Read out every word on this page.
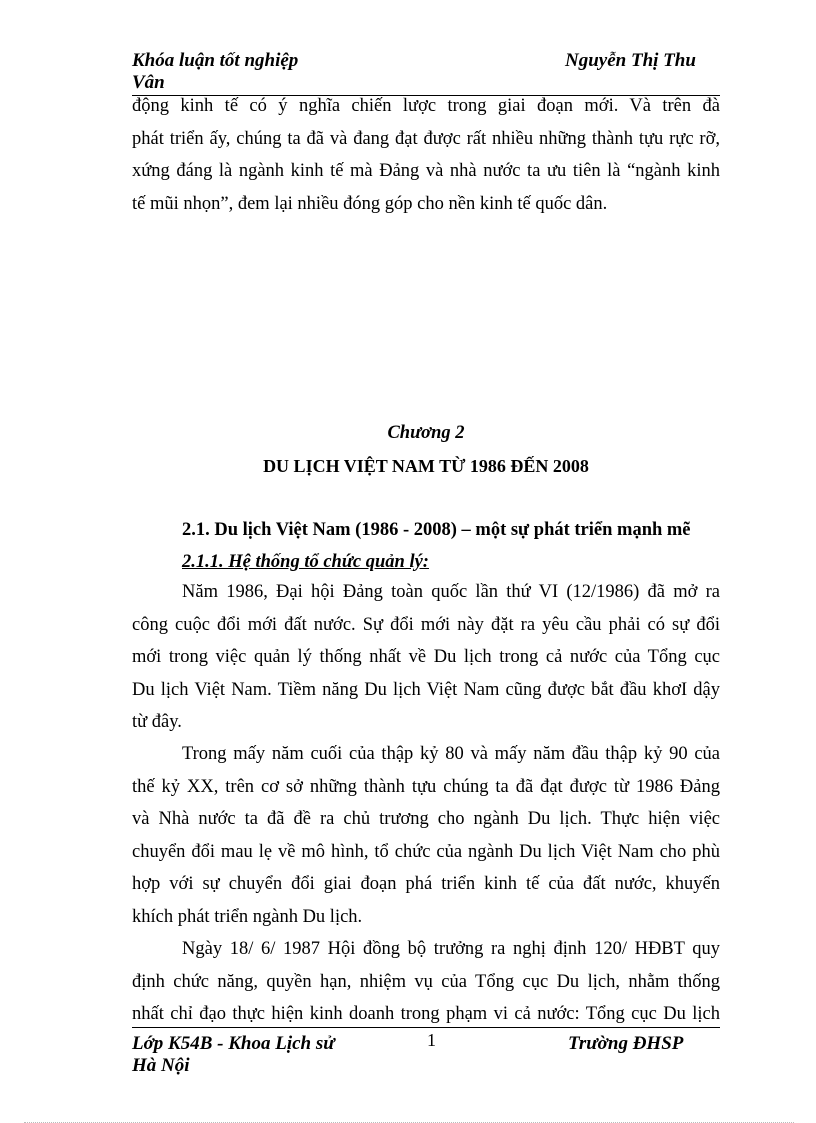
Khóa luận tốt nghiệp
Vân
Nguyễn Thị Thu
động kinh tế có ý nghĩa chiến lược trong giai đoạn mới. Và trên đà
phát triển ấy, chúng ta đã và đang đạt được rất nhiều những thành tựu rực rỡ,
xứng đáng là ngành kinh tế mà Đảng và nhà nước ta ưu tiên là “ngành kinh
tế mũi nhọn”, đem lại nhiều đóng góp cho nền kinh tế quốc dân.
Chương 2
DU LỊCH VIỆT NAM TỪ 1986 ĐẾN 2008
2.1. Du lịch Việt Nam (1986 - 2008) – một sự phát triển mạnh mẽ
2.1.1. Hệ thống tổ chức quản lý:
Năm 1986, Đại hội Đảng toàn quốc lần thứ VI (12/1986) đã mở ra
công cuộc đổi mới đất nước. Sự đổi mới này đặt ra yêu cầu phải có sự đổi
mới trong việc quản lý thống nhất về Du lịch trong cả nước của Tổng cục
Du lịch Việt Nam. Tiềm năng Du lịch Việt Nam cũng được bắt đầu khơI dậy
từ đây.
Trong mấy năm cuối của thập kỷ 80 và mấy năm đầu thập kỷ 90 của
thế kỷ XX, trên cơ sở những thành tựu chúng ta đã đạt được từ 1986 Đảng
và Nhà nước ta đã đề ra chủ trương cho ngành Du lịch. Thực hiện việc
chuyển đổi mau lẹ về mô hình, tổ chức của ngành Du lịch Việt Nam cho phù
hợp với sự chuyển đổi giai đoạn phá triển kinh tế của đất nước, khuyến
khích phát triển ngành Du lịch.
Ngày 18/ 6/ 1987 Hội đồng bộ trưởng ra nghị định 120/ HĐBT quy
định chức năng, quyền hạn, nhiệm vụ của Tổng cục Du lịch, nhằm thống
nhất chỉ đạo thực hiện kinh doanh trong phạm vi cả nước: Tổng cục Du lịch
Lớp K54B - Khoa Lịch sử
Hà Nội
1	Trường ĐHSP
